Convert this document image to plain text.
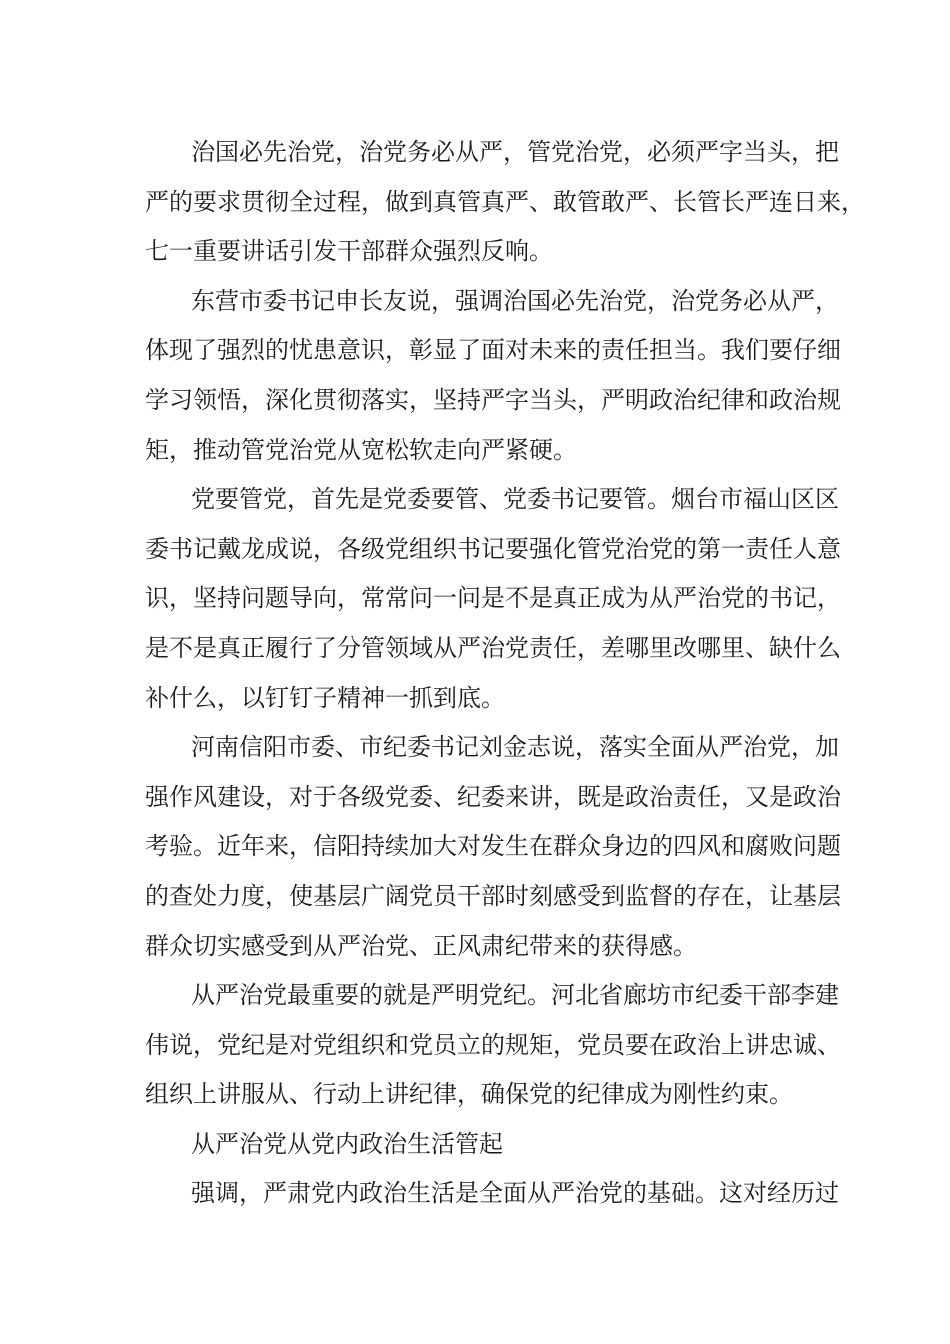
治国必先治党，治党务必从严，管党治党，必须严字当头，把
严的要求贯彻全过程，做到真管真严、敢管敢严、长管长严连日来，
七一重要讲话引发干部群众强烈反响。
东营市委书记申长友说，强调治国必先治党，治党务必从严，
体现了强烈的忧患意识，彰显了面对未来的责任担当。我们要仔细
学习领悟，深化贯彻落实，坚持严字当头，严明政治纪律和政治规
矩，推动管党治党从宽松软走向严紧硬。
党要管党，首先是党委要管、党委书记要管。烟台市福山区区
委书记戴龙成说，各级党组织书记要强化管党治党的第一责任人意
识，坚持问题导向，常常问一问是不是真正成为从严治党的书记，
是不是真正履行了分管领域从严治党责任，差哪里改哪里、缺什么
补什么，以钉钉子精神一抓到底。
河南信阳市委、市纪委书记刘金志说，落实全面从严治党，加
强作风建设，对于各级党委、纪委来讲，既是政治责任，又是政治
考验。近年来，信阳持续加大对发生在群众身边的四风和腐败问题
的查处力度，使基层广阔党员干部时刻感受到监督的存在，让基层
群众切实感受到从严治党、正风肃纪带来的获得感。
从严治党最重要的就是严明党纪。河北省廊坊市纪委干部李建
伟说，党纪是对党组织和党员立的规矩，党员要在政治上讲忠诚、
组织上讲服从、行动上讲纪律，确保党的纪律成为刚性约束。
从严治党从党内政治生活管起
强调，严肃党内政治生活是全面从严治党的基础。这对经历过
